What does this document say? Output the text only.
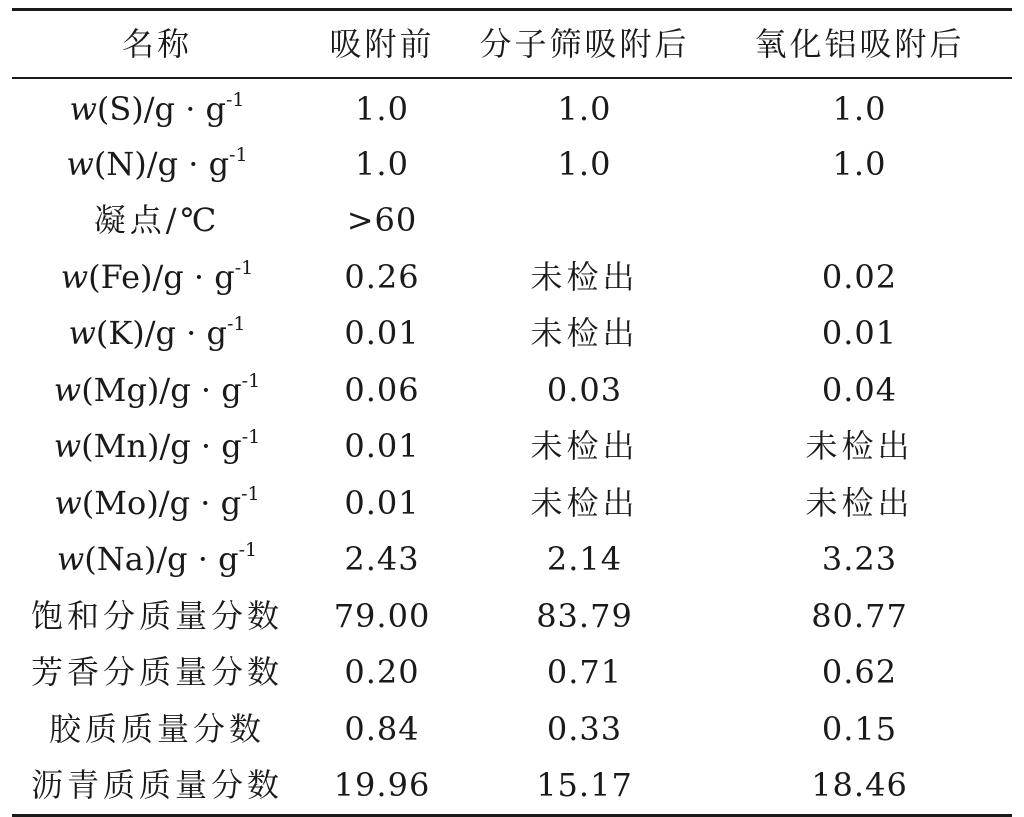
名称	吸附前	分子筛吸附后	氧化铝吸附后

$w(S)/g \cdot g^{-1}$	1.0	1.0	1.0
$w(N)/g \cdot g^{-1}$	1.0	1.0	1.0
凝点/℃	>60		
$w(Fe)/g \cdot g^{-1}$	0.26	未检出	0.02
$w(K)/g \cdot g^{-1}$	0.01	未检出	0.01
$w(Mg)/g \cdot g^{-1}$	0.06	0.03	0.04
$w(Mn)/g \cdot g^{-1}$	0.01	未检出	未检出
$w(Mo)/g \cdot g^{-1}$	0.01	未检出	未检出
$w(Na)/g \cdot g^{-1}$	2.43	2.14	3.23
饱和分质量分数	79.00	83.79	80.77
芳香分质量分数	0.20	0.71	0.62
胶质质量分数	0.84	0.33	0.15
沥青质质量分数	19.96	15.17	18.46
